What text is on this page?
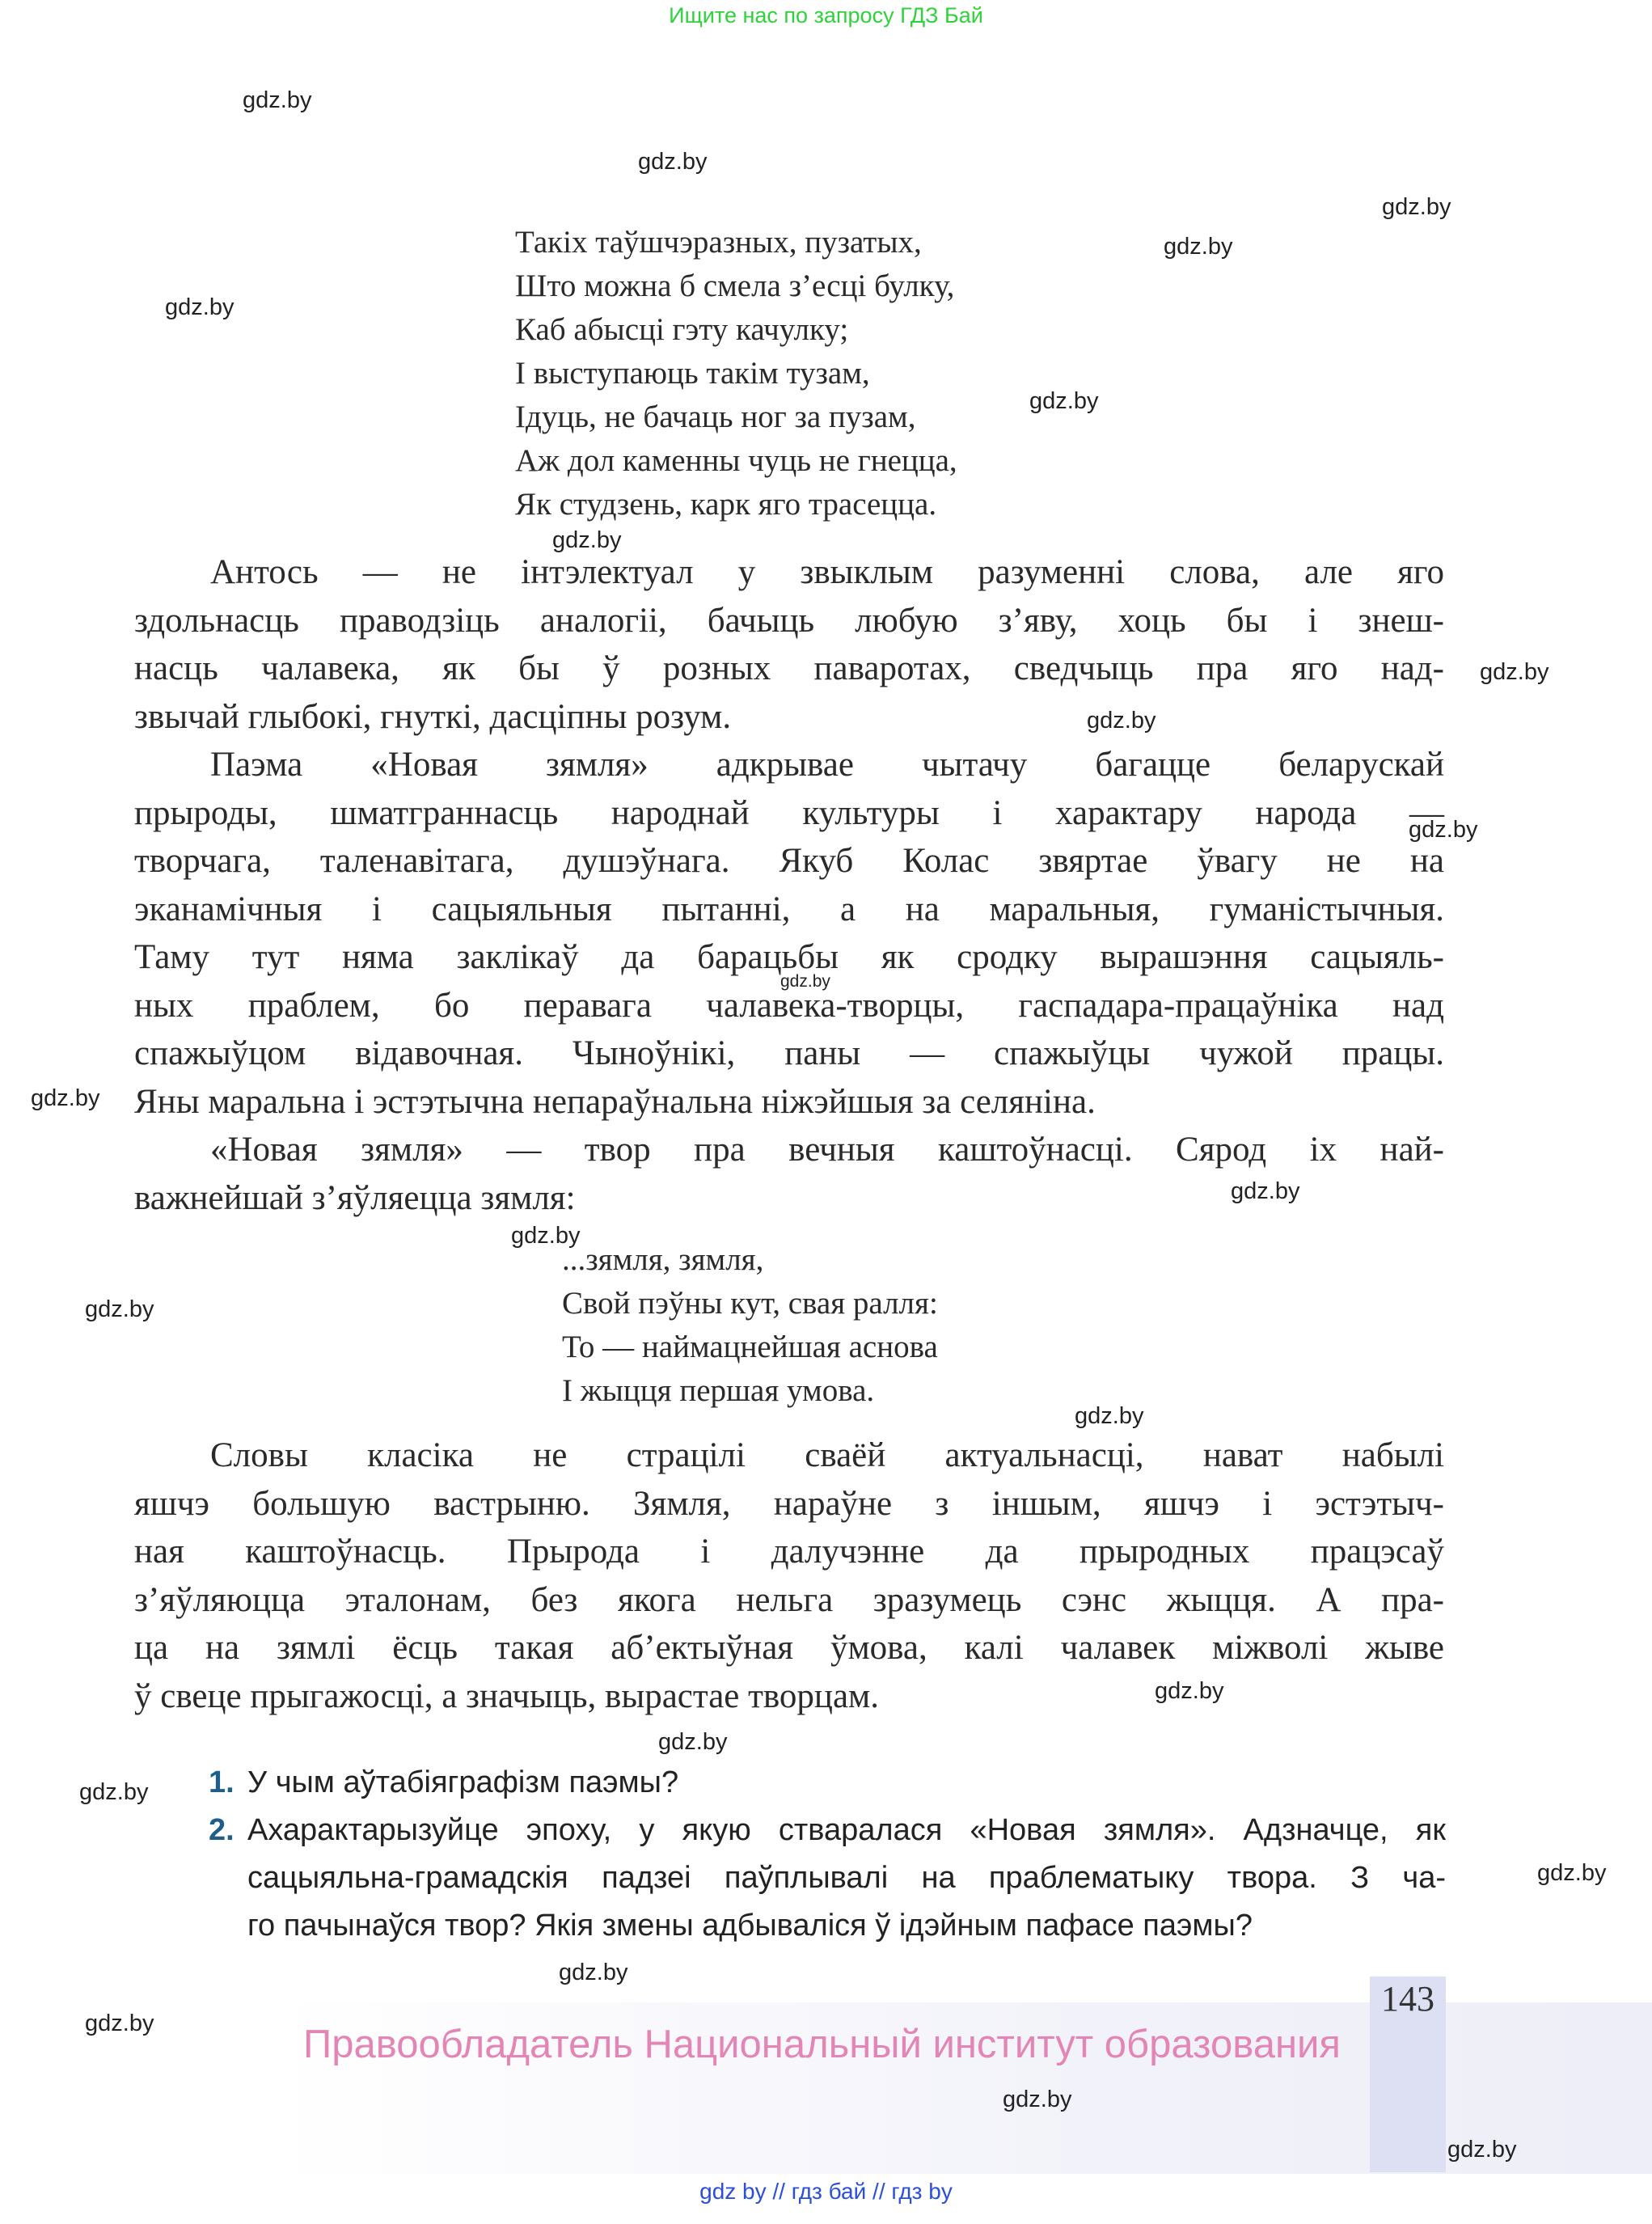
Ищите нас по запросу ГДЗ Бай
Такіх таўшчэразных, пузатых,
Што можна б смела з’есці булку,
Каб абысці гэту качулку;
І выступаюць такім тузам,
Ідуць, не бачаць ног за пузам,
Аж дол каменны чуць не гнецца,
Як студзень, карк яго трасецца.
Антось — не інтэлектуал у звыклым разуменні слова, але яго
здольнасць праводзіць аналогіі, бачыць любую з’яву, хоць бы і знеш-
насць чалавека, як бы ў розных паваротах, сведчыць пра яго над-
звычай глыбокі, гнуткі, дасціпны розум.
Паэма «Новая зямля» адкрывае чытачу багацце беларускай
прыроды, шматграннасць народнай культуры і характару народа —
творчага, таленавітага, душэўнага. Якуб Колас звяртае ўвагу не на
эканамічныя і сацыяльныя пытанні, а на маральныя, гуманістычныя.
Таму тут няма заклікаў да барацьбы як сродку вырашэння сацыяль-
ных праблем, бо перавага чалавека-творцы, гаспадара-працаўніка над
спажыўцом відавочная. Чыноўнікі, паны — спажыўцы чужой працы.
Яны маральна і эстэтычна непараўнальна ніжэйшыя за селяніна.
«Новая зямля» — твор пра вечныя каштоўнасці. Сярод іх най-
важнейшай з’яўляецца зямля:
...зямля, зямля,
Свой пэўны кут, свая ралля:
То — наймацнейшая аснова
І жыцця першая умова.
Словы класіка не страцілі сваёй актуальнасці, нават набылі
яшчэ большую вастрыню. Зямля, нараўне з іншым, яшчэ і эстэтыч-
ная каштоўнасць. Прырода і далучэнне да прыродных працэсаў
з’яўляюцца эталонам, без якога нельга зразумець сэнс жыцця. А пра-
ца на зямлі ёсць такая аб’ектыўная ўмова, калі чалавек міжволі жыве
ў свеце прыгажосці, а значыць, вырастае творцам.
1. У чым аўтабіяграфізм паэмы?
2. Ахарактарызуйце эпоху, у якую стваралася «Новая зямля». Адзначце, як
сацыяльна-грамадскія падзеі паўплывалі на праблематыку твора. З ча-
го пачынаўся твор? Якія змены адбываліся ў ідэйным пафасе паэмы?
143
Правообладатель Национальный институт образования
gdz by // гдз бай // гдз by
gdz.by
gdz.by
gdz.by
gdz.by
gdz.by
gdz.by
gdz.by
gdz.by
gdz.by
gdz.by
gdz.by
gdz.by
gdz.by
gdz.by
gdz.by
gdz.by
gdz.by
gdz.by
gdz.by
gdz.by
gdz.by
gdz.by
gdz.by
gdz.by
